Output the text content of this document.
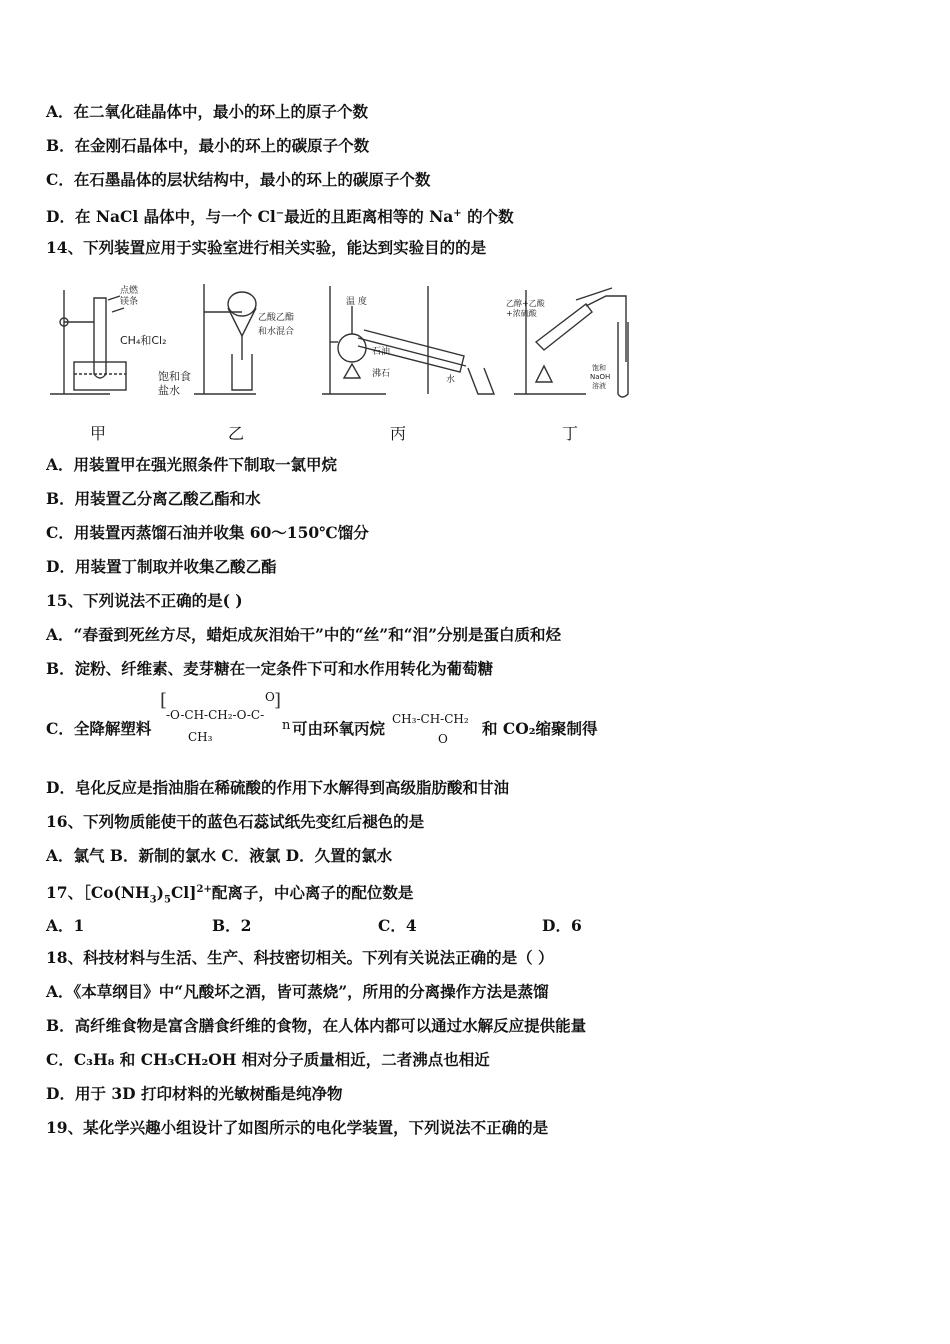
A．在二氧化硅晶体中，最小的环上的原子个数
B．在金刚石晶体中，最小的环上的碳原子个数
C．在石墨晶体的层状结构中，最小的环上的碳原子个数
D．在 NaCl 晶体中，与一个 Cl−最近的且距离相等的 Na+ 的个数
14、下列装置应用于实验室进行相关实验，能达到实验目的的是
点燃
镁条
CH₄和Cl₂
饱和食
盐水
乙酸乙酯
和水混合
温 度
石油
沸石
水
乙醇+乙酸
+浓硫酸
饱和
NaOH
溶液
甲	乙	丙	丁
A．用装置甲在强光照条件下制取一氯甲烷
B．用装置乙分离乙酸乙酯和水
C．用装置丙蒸馏石油并收集 60～150℃馏分
D．用装置丁制取并收集乙酸乙酯
15、下列说法不正确的是( )
A．“春蚕到死丝方尽，蜡炬成灰泪始干”中的“丝”和“泪”分别是蛋白质和烃
B．淀粉、纤维素、麦芽糖在一定条件下可和水作用转化为葡萄糖
C．全降解塑料
[	]
O
-O-CH-CH₂-O-C-
n
CH₃	可由环氧丙烷 CH₃-CH-CH₂
O
和 CO₂缩聚制得
D．皂化反应是指油脂在稀硫酸的作用下水解得到高级脂肪酸和甘油
16、下列物质能使干的蓝色石蕊试纸先变红后褪色的是
A．氯气 B．新制的氯水 C．液氯 D．久置的氯水
17、$[Co(NH_3)_5Cl]^{2+}$配离子，中心离子的配位数是
A．1	B．2	C．4	D．6
18、科技材料与生活、生产、科技密切相关。下列有关说法正确的是（ ）
A．《本草纲目》中“凡酸坏之酒，皆可蒸烧”，所用的分离操作方法是蒸馏
B．高纤维食物是富含膳食纤维的食物，在人体内都可以通过水解反应提供能量
C．C₃H₈ 和 CH₃CH₂OH 相对分子质量相近，二者沸点也相近
D．用于 3D 打印材料的光敏树酯是纯净物
19、某化学兴趣小组设计了如图所示的电化学装置，下列说法不正确的是
